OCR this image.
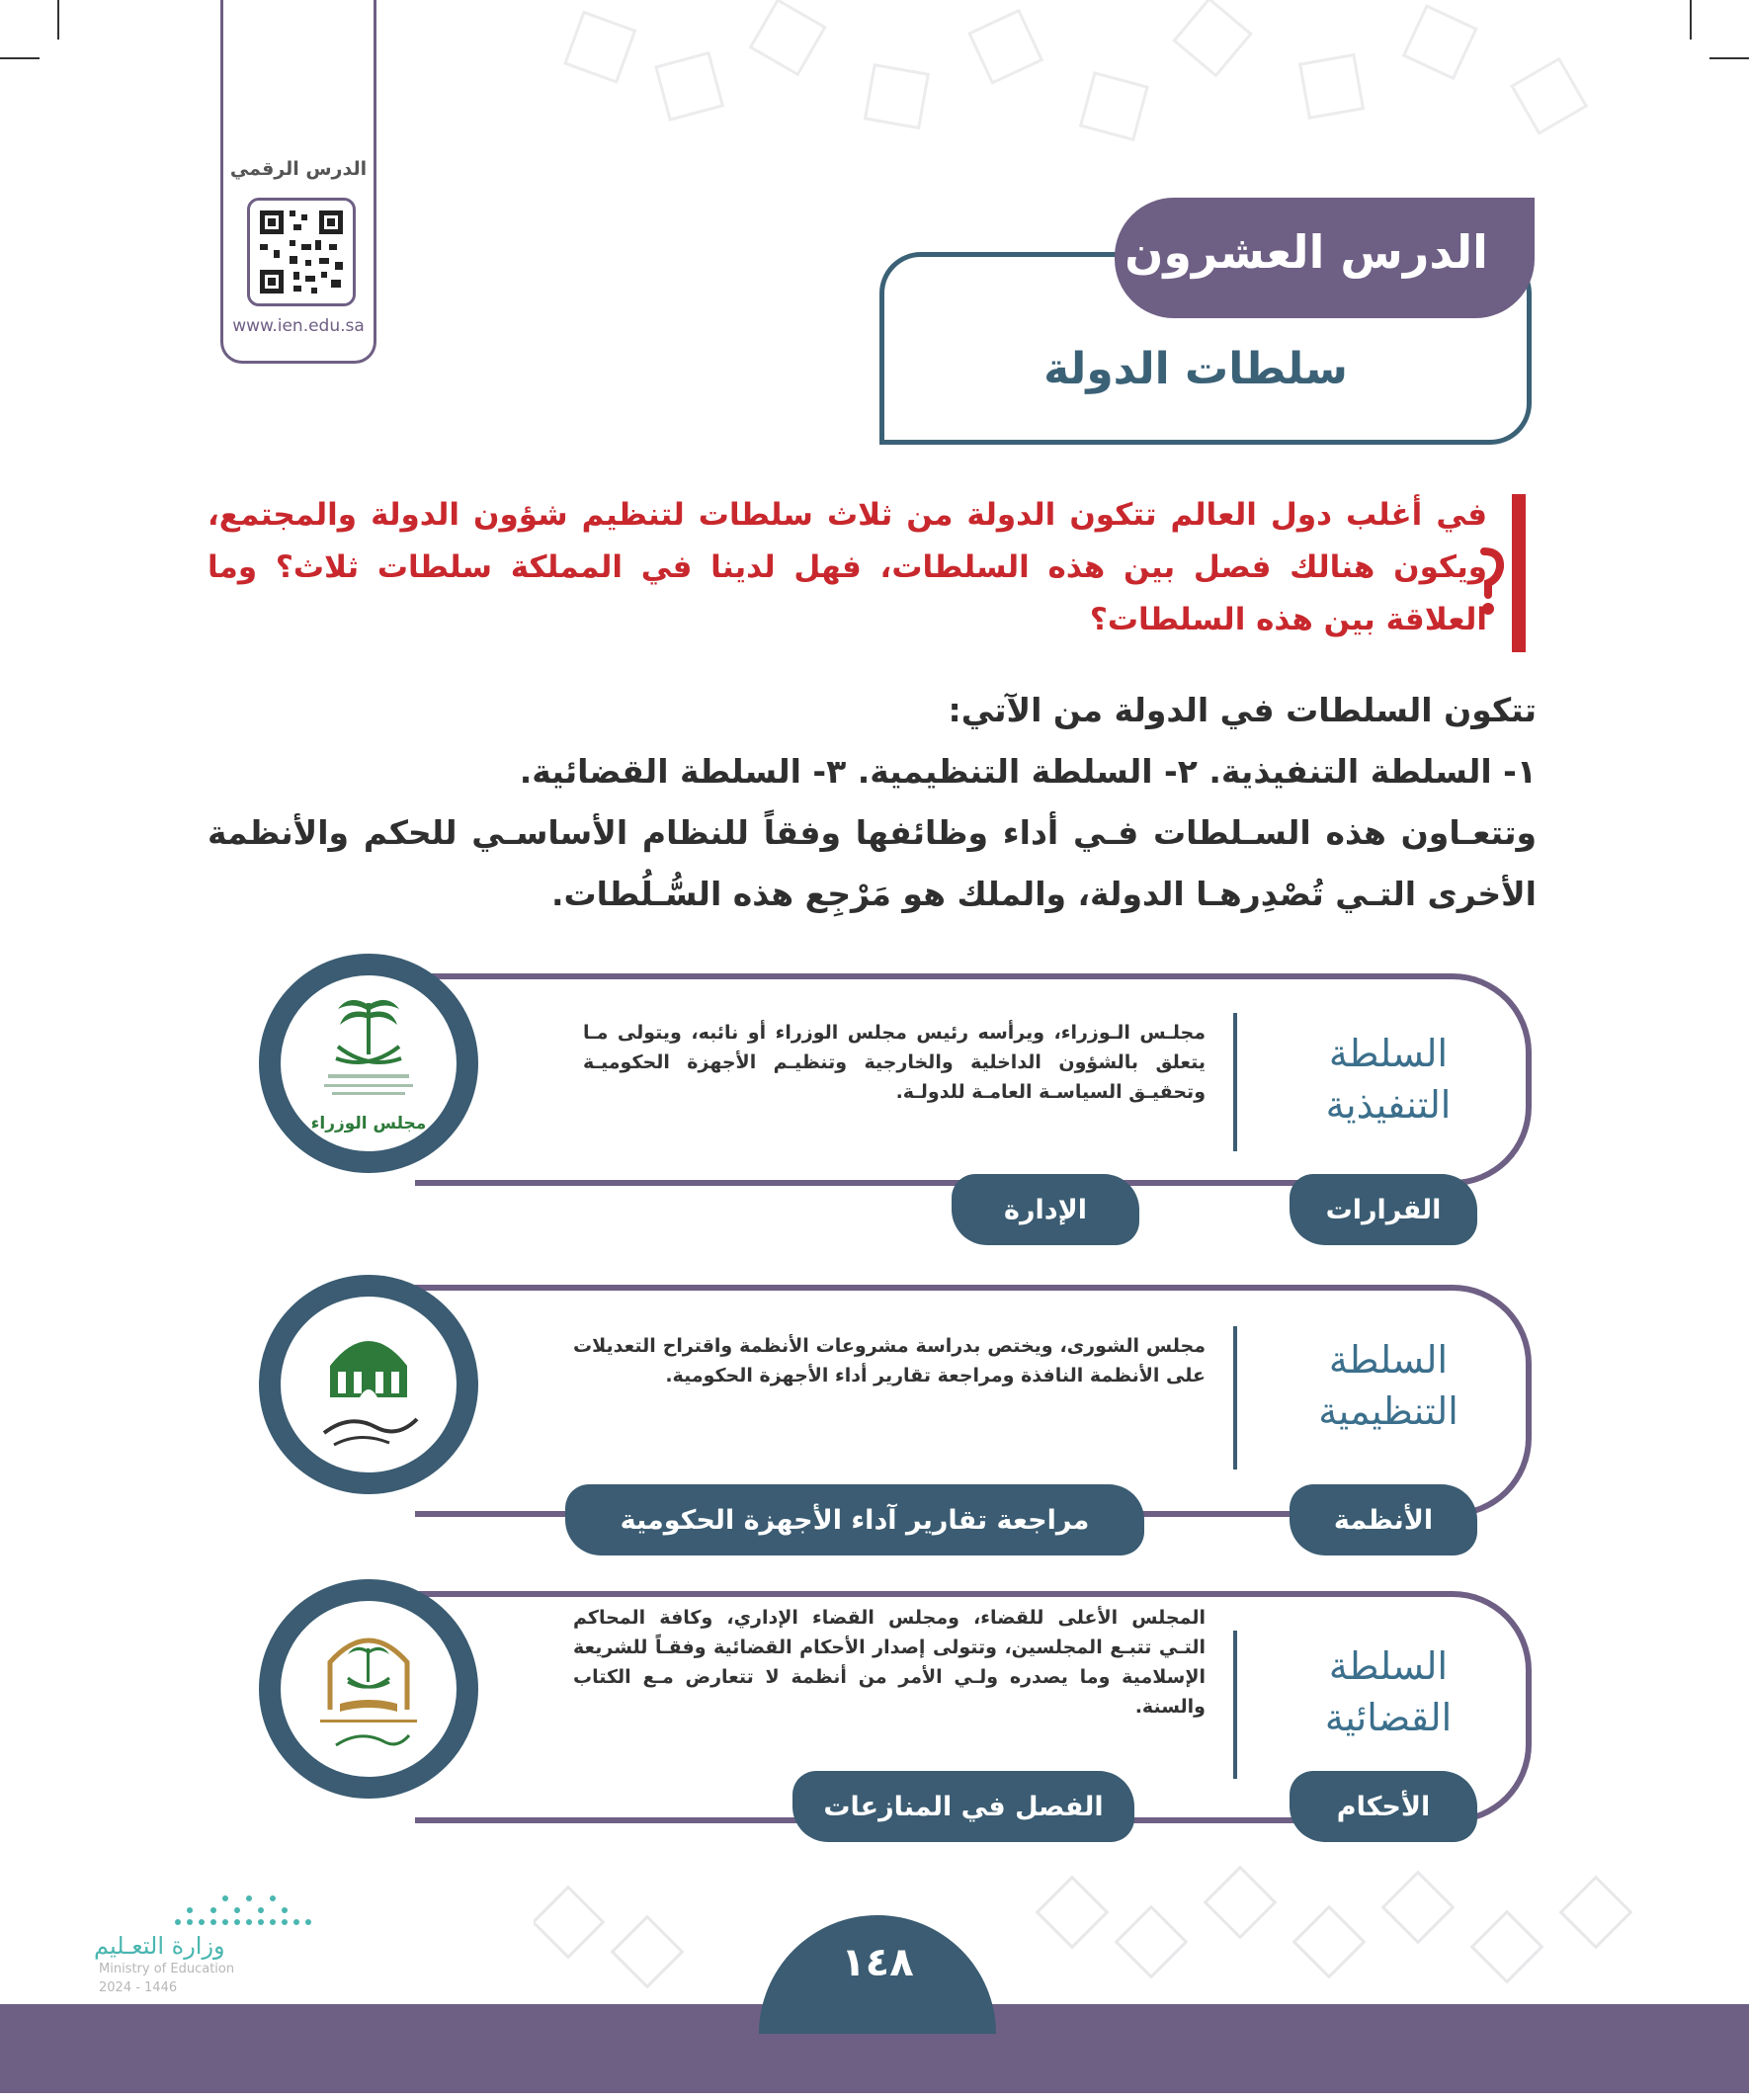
الدرس الرقمي
www.ien.edu.sa
الدرس العشرون
سلطات الدولة
في أغلب دول العالم تتكون الدولة من ثلاث سلطات لتنظيم شؤون الدولة والمجتمع، ويكون هنالك فصل بين هذه السلطات، فهل لدينا في المملكة سلطات ثلاث؟ وما العلاقة بين هذه السلطات؟
تتكون السلطات في الدولة من الآتي:
١- السلطة التنفيذية. ٢- السلطة التنظيمية. ٣- السلطة القضائية.
وتتعـاون هذه السـلطات فـي أداء وظائفها وفقاً للنظام الأساسـي للحكم والأنظمة الأخرى التـي تُصْدِرهـا الدولة، والملك هو مَرْجِع هذه السُّـلُطات.
مجلس الوزراء
السلطة
التنفيذية
مجلـس الـوزراء، ويرأسه رئيس مجلس الوزراء أو نائبه، ويتولى مـا يتعلق بالشؤون الداخلية والخارجية وتنظيـم الأجهزة الحكوميـة وتحقيـق السياسـة العامـة للدولـة.
القرارات
الإدارة
السلطة
التنظيمية
مجلس الشورى، ويختص بدراسة مشروعات الأنظمة واقتراح التعديلات على الأنظمة النافذة ومراجعة تقارير أداء الأجهزة الحكومية.
الأنظمة
مراجعة تقارير آداء الأجهزة الحكومية
السلطة
القضائية
المجلس الأعلى للقضاء، ومجلس القضاء الإداري، وكافة المحاكم التـي تتبـع المجلسين، وتتولى إصدار الأحكام القضائية وفقـاً للشريعة الإسلامية وما يصدره ولـي الأمر من أنظمة لا تتعارض مـع الكتاب والسنة.
الأحكام
الفصل في المنازعات
وزارة التعـليم
Ministry of Education
2024 - 1446
١٤٨
